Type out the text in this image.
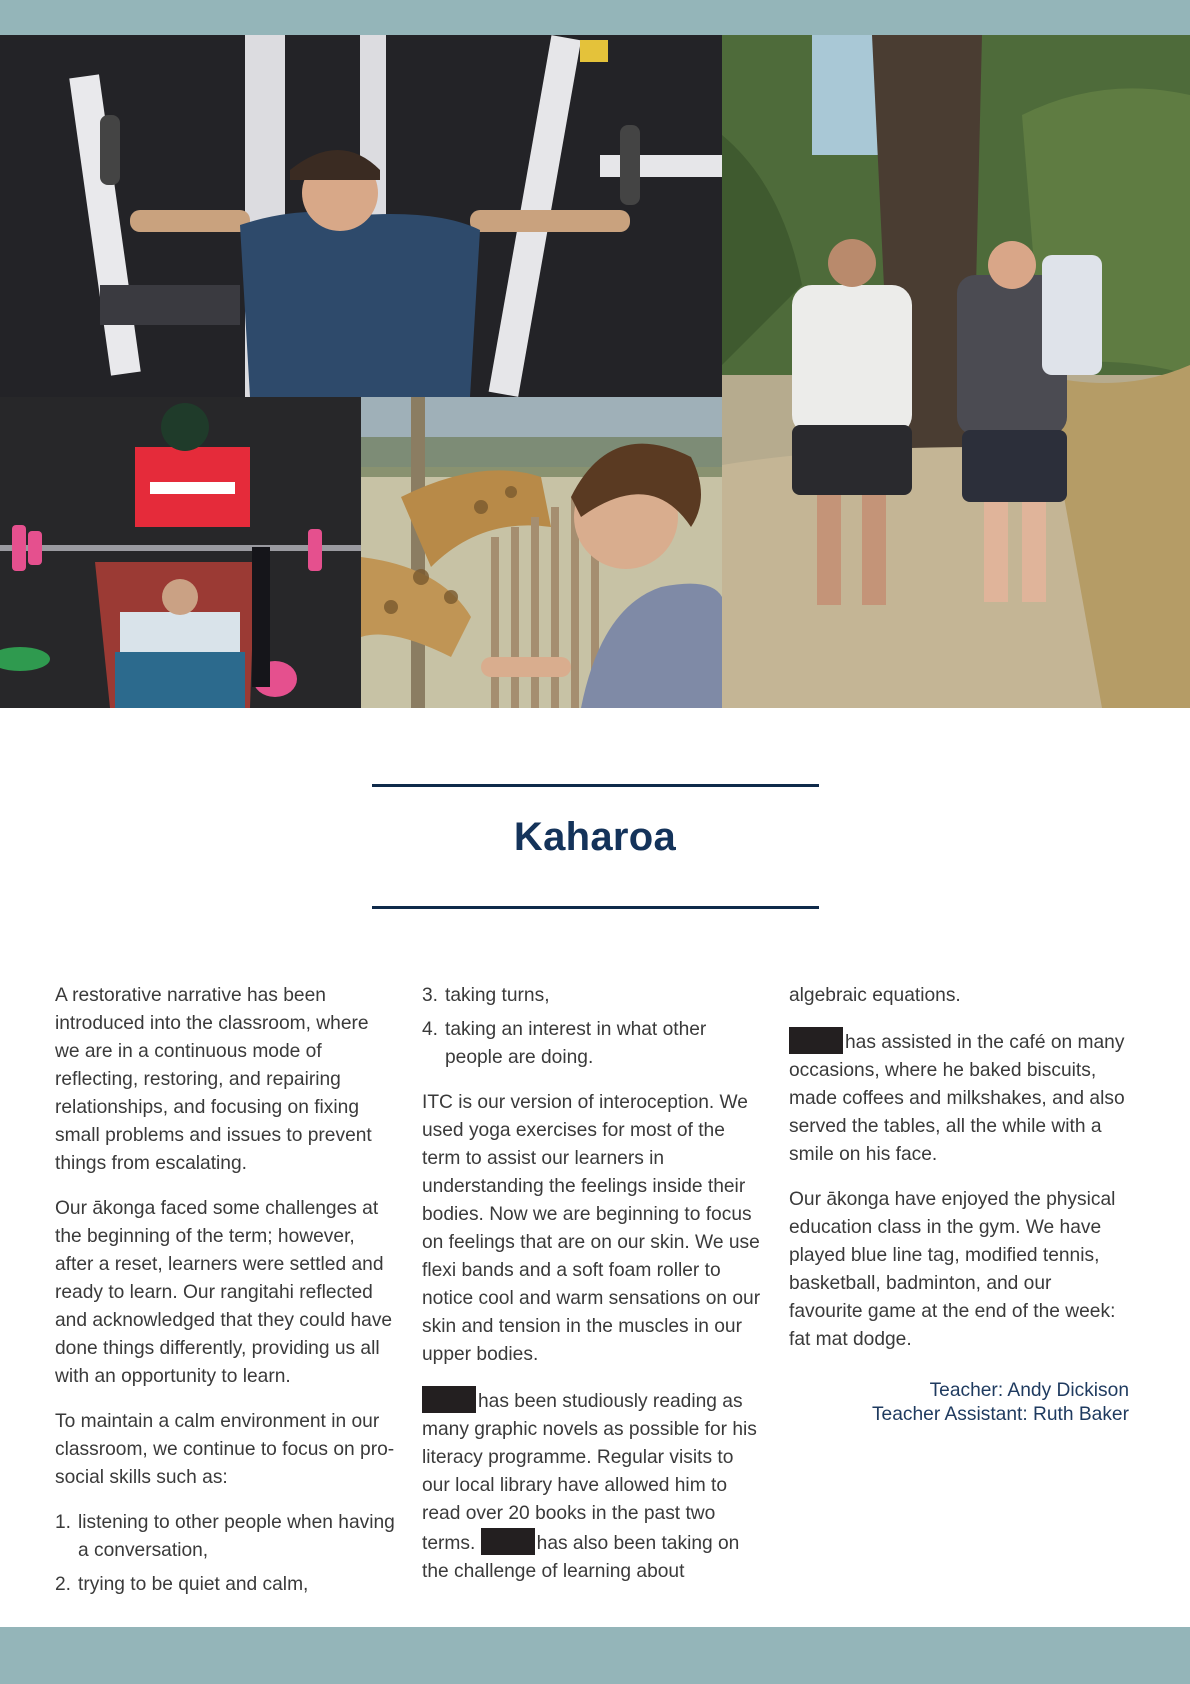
Kaharoa

A restorative narrative has been introduced into the classroom, where we are in a continuous mode of reflecting, restoring, and repairing relationships, and focusing on fixing small problems and issues to prevent things from escalating.

Our ākonga faced some challenges at the beginning of the term; however, after a reset, learners were settled and ready to learn. Our rangitahi reflected and acknowledged that they could have done things differently, providing us all with an opportunity to learn.

To maintain a calm environment in our classroom, we continue to focus on pro-social skills such as:

1. listening to other people when having a conversation,
2. trying to be quiet and calm,
3. taking turns,
4. taking an interest in what other people are doing.

ITC is our version of interoception. We used yoga exercises for most of the term to assist our learners in understanding the feelings inside their bodies. Now we are beginning to focus on feelings that are on our skin. We use flexi bands and a soft foam roller to notice cool and warm sensations on our skin and tension in the muscles in our upper bodies.

has been studiously reading as many graphic novels as possible for his literacy programme. Regular visits to our local library have allowed him to read over 20 books in the past two terms.	has also been taking on the challenge of learning about

algebraic equations.

has assisted in the café on many occasions, where he baked biscuits, made coffees and milkshakes, and also served the tables, all the while with a smile on his face.

Our ākonga have enjoyed the physical education class in the gym. We have played blue line tag, modified tennis, basketball, badminton, and our favourite game at the end of the week: fat mat dodge.

Teacher: Andy Dickison
Teacher Assistant: Ruth Baker
